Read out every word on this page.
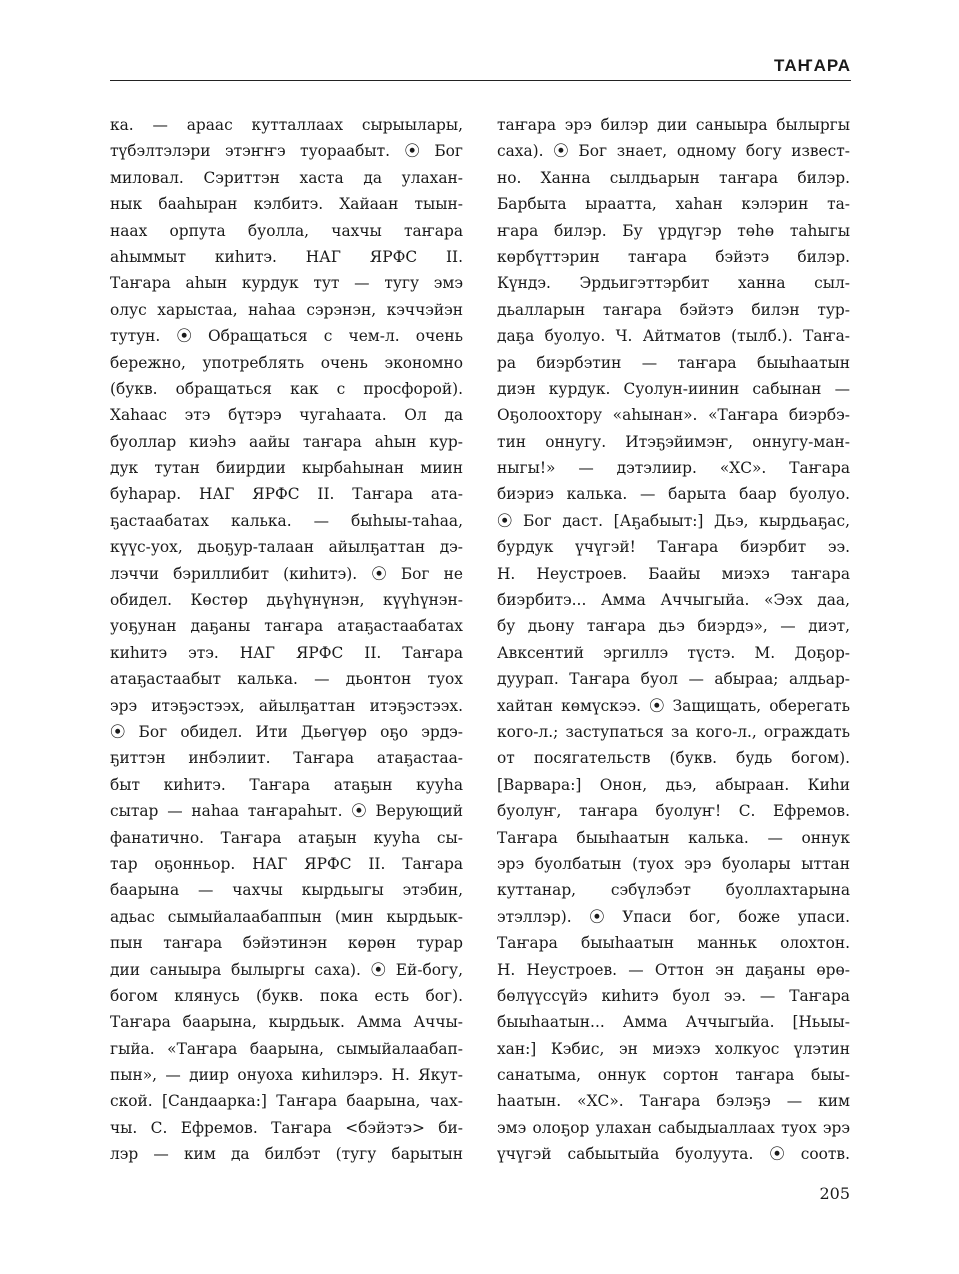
ТАҤАРА
ка. — араас кутталлаах сырыылары,
түбэлтэлэри этэҥҥэ туораабыт. ⦿ Бог
миловал. Сэриттэн хаста да улахан-
нык бааһыран кэлбитэ. Хайаан тыын-
наах орпута буолла, чахчы таҥара
аһыммыт киһитэ. НАГ ЯРФС II.
Таҥара аһын курдук тут — тугу эмэ
олус харыстаа, наһаа сэрэнэн, кэччэйэн
тутун. ⦿ Обращаться с чем-л. очень
бережно, употреблять очень экономно
(букв. обращаться как с просфорой).
Хаһаас этэ бүтэрэ чугаһаата. Ол да
буоллар киэһэ аайы таҥара аһын кур-
дук тутан биирдии кырбаһынан миин
буһарар. НАГ ЯРФС II. Таҥара ата-
ҕастаабатах калька. — быһыы-таһаа,
күүс-уох, дьоҕур-талаан айылҕаттан дэ-
лэччи бэриллибит (киһитэ). ⦿ Бог не
обидел. Көстөр дьүһүнүнэн, күүһүнэн-
уоҕунан даҕаны таҥара атаҕастаабатах
киһитэ этэ. НАГ ЯРФС II. Таҥара
атаҕастаабыт калька. — дьонтон туох
эрэ итэҕэстээх, айылҕаттан итэҕэстээх.
⦿ Бог обидел. Ити Дьөгүөр оҕо эрдэ-
ҕиттэн инбэлиит. Таҥара атаҕастаа-
быт киһитэ. Таҥара атаҕын кууһа
сытар — наһаа таҥараһыт. ⦿ Верующий
фанатично. Таҥара атаҕын кууһа сы-
тар оҕонньор. НАГ ЯРФС II. Таҥара
баарына — чахчы кырдьыгы этэбин,
адьас сымыйалаабаппын (мин кырдьык-
пын таҥара бэйэтинэн көрөн турар
дии саныыра былыргы саха). ⦿ Ей-богу,
богом клянусь (букв. пока есть бог).
Таҥара баарына, кырдьык. Амма Аччы-
гыйа. «Таҥара баарына, сымыйалаабап-
пын», — диир онуоха киһилэрэ. Н. Якут-
ской. [Сандаарка:] Таҥара баарына, чах-
чы. С. Ефремов. Таҥара <бэйэтэ> би-
лэр — ким да билбэт (тугу барытын
таҥара эрэ билэр дии саныыра былыргы
саха). ⦿ Бог знает, одному богу извест-
но. Ханна сылдьарын таҥара билэр.
Барбыта ыраатта, хаһан кэлэрин та-
ҥара билэр. Бу үрдүгэр төһө таһыгы
көрбүттэрин таҥара бэйэтэ билэр.
Күндэ. Эрдьигэттэрбит ханна сыл-
дьалларын таҥара бэйэтэ билэн тур-
даҕа буолуо. Ч. Айтматов (тылб.). Таҥа-
ра биэрбэтин — таҥара быыһаатын
диэн курдук. Суолун-иинин сабынан —
Оҕолоохтору «аһынан». «Таҥара биэрбэ-
тин оннугу. Итэҕэйимэҥ, оннугу-ман-
ныгы!» — дэтэлиир. «ХС». Таҥара
биэриэ калька. — барыта баар буолуо.
⦿ Бог даст. [Аҕабыыт:] Дьэ, кырдьаҕас,
бурдук үчүгэй! Таҥара биэрбит ээ.
Н. Неустроев. Баайы миэхэ таҥара
биэрбитэ... Амма Аччыгыйа. «Ээх даа,
бу дьону таҥара дьэ биэрдэ», — диэт,
Авксентий эргиллэ түстэ. М. Доҕор-
дуурап. Таҥара буол — абыраа; алдьар-
хайтан көмүскээ. ⦿ Защищать, оберегать
кого-л.; заступаться за кого-л., ограждать
от посягательств (букв. будь богом).
[Варвара:] Онон, дьэ, абыраан. Киһи
буолуҥ, таҥара буолуҥ! С. Ефремов.
Таҥара быыһаатын калька. — оннук
эрэ буолбатын (туох эрэ буолары ыттан
куттанар, сэбүлэбэт буоллахтарына
этэллэр). ⦿ Упаси бог, боже упаси.
Таҥара быыһаатын манньк олохтон.
Н. Неустроев. — Оттон эн даҕаны өрө-
бөлүүссүйэ киһитэ буол ээ. — Таҥара
быыһаатын... Амма Аччыгыйа. [Ньыы-
хан:] Кэбис, эн миэхэ холкуос үлэтин
санатыма, оннук сортон таҥара быы-
һаатын. «ХС». Таҥара бэлэҕэ — ким
эмэ олоҕор улахан сабыдыаллаах туох эрэ
үчүгэй сабыытыйа буолуута. ⦿ соотв.
205
